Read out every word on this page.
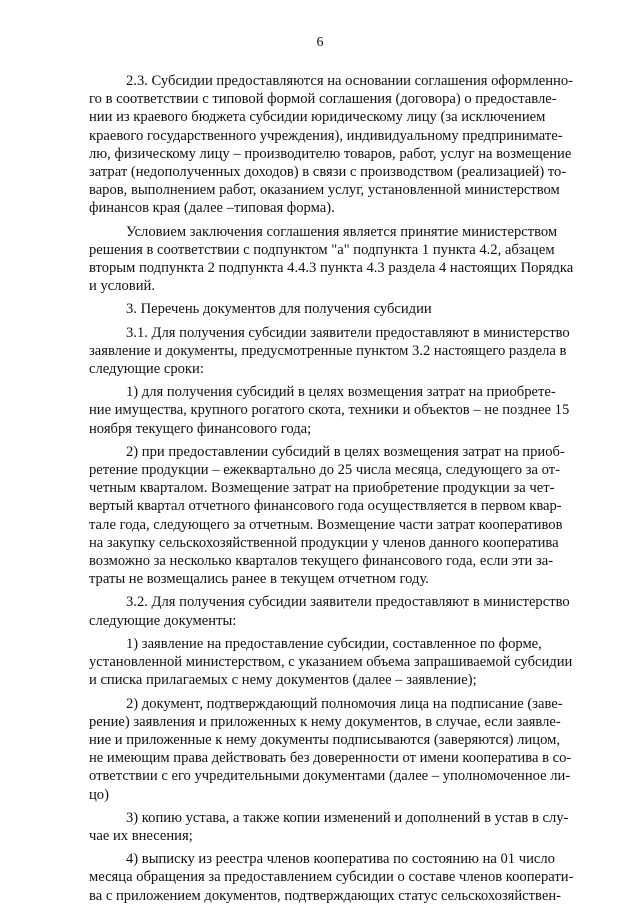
6

2.3. Субсидии предоставляются на основании соглашения оформленно-
го в соответствии с типовой формой соглашения (договора) о предоставле-
нии из краевого бюджета субсидии юридическому лицу (за исключением
краевого государственного учреждения), индивидуальному предпринимате-
лю, физическому лицу – производителю товаров, работ, услуг на возмещение
затрат (недополученных доходов) в связи с производством (реализацией) то-
варов, выполнением работ, оказанием услуг, установленной министерством
финансов края (далее –типовая форма).

Условием заключения соглашения является принятие министерством
решения в соответствии с подпунктом "а" подпункта 1 пункта 4.2, абзацем
вторым подпункта 2 подпункта 4.4.3 пункта 4.3 раздела 4 настоящих Порядка
и условий.

3. Перечень документов для получения субсидии

3.1. Для получения субсидии заявители предоставляют в министерство
заявление и документы, предусмотренные пунктом 3.2 настоящего раздела в
следующие сроки:

1) для получения субсидий в целях возмещения затрат на приобрете-
ние имущества, крупного рогатого скота, техники и объектов – не позднее 15
ноября текущего финансового года;

2) при предоставлении субсидий в целях возмещения затрат на приоб-
ретение продукции – ежеквартально до 25 числа месяца, следующего за от-
четным кварталом. Возмещение затрат на приобретение продукции за чет-
вертый квартал отчетного финансового года осуществляется в первом квар-
тале года, следующего за отчетным. Возмещение части затрат кооперативов
на закупку сельскохозяйственной продукции у членов данного кооператива
возможно за несколько кварталов текущего финансового года, если эти за-
траты не возмещались ранее в текущем отчетном году.

3.2. Для получения субсидии заявители предоставляют в министерство
следующие документы:

1) заявление на предоставление субсидии, составленное по форме,
установленной министерством, с указанием объема запрашиваемой субсидии
и списка прилагаемых с нему документов (далее – заявление);

2) документ, подтверждающий полномочия лица на подписание (заве-
рение) заявления и приложенных к нему документов, в случае, если заявле-
ние и приложенные к нему документы подписываются (заверяются) лицом,
не имеющим права действовать без доверенности от имени кооператива в со-
ответствии с его учредительными документами (далее – уполномоченное ли-
цо)

3) копию устава, а также копии изменений и дополнений в устав в слу-
чае их внесения;

4) выписку из реестра членов кооператива по состоянию на 01 число
месяца обращения за предоставлением субсидии о составе членов кооперати-
ва с приложением документов, подтверждающих статус сельскохозяйствен-
